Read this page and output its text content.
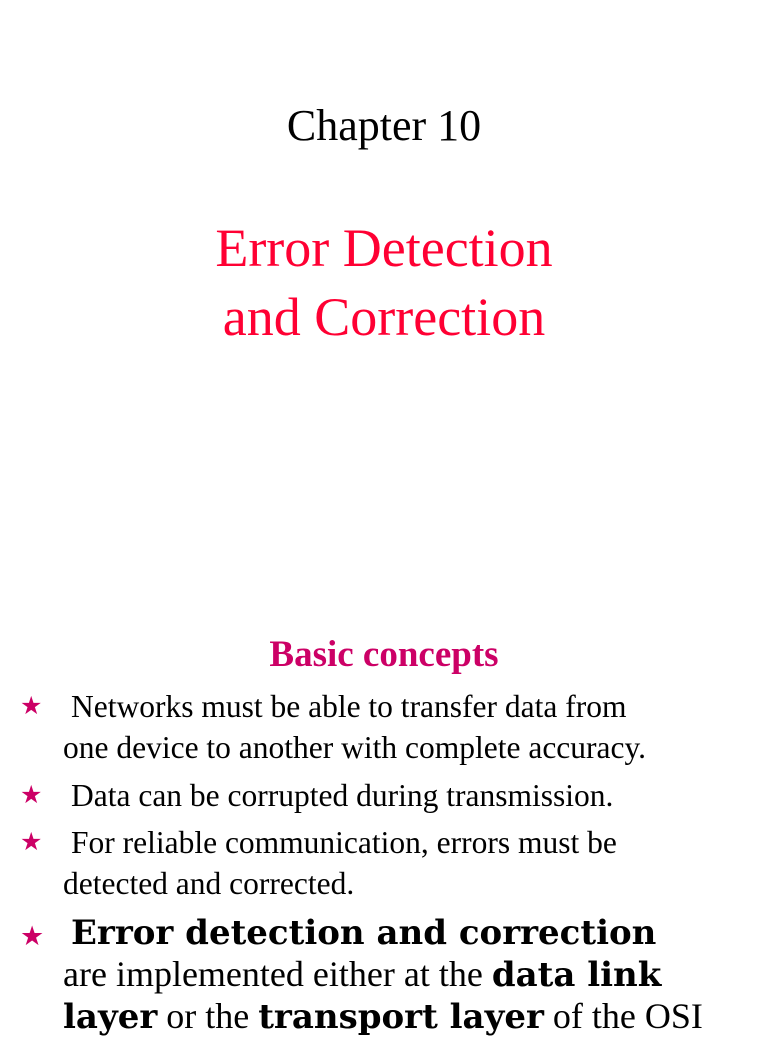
Chapter 10
Error Detection
and Correction
Basic concepts
★ Networks must be able to transfer data from
one device to another with complete accuracy.
★ Data can be corrupted during transmission.
★ For reliable communication, errors must be
detected and corrected.
★ Error detection and correction
are implemented either at the data link
layer or the transport layer of the OSI
